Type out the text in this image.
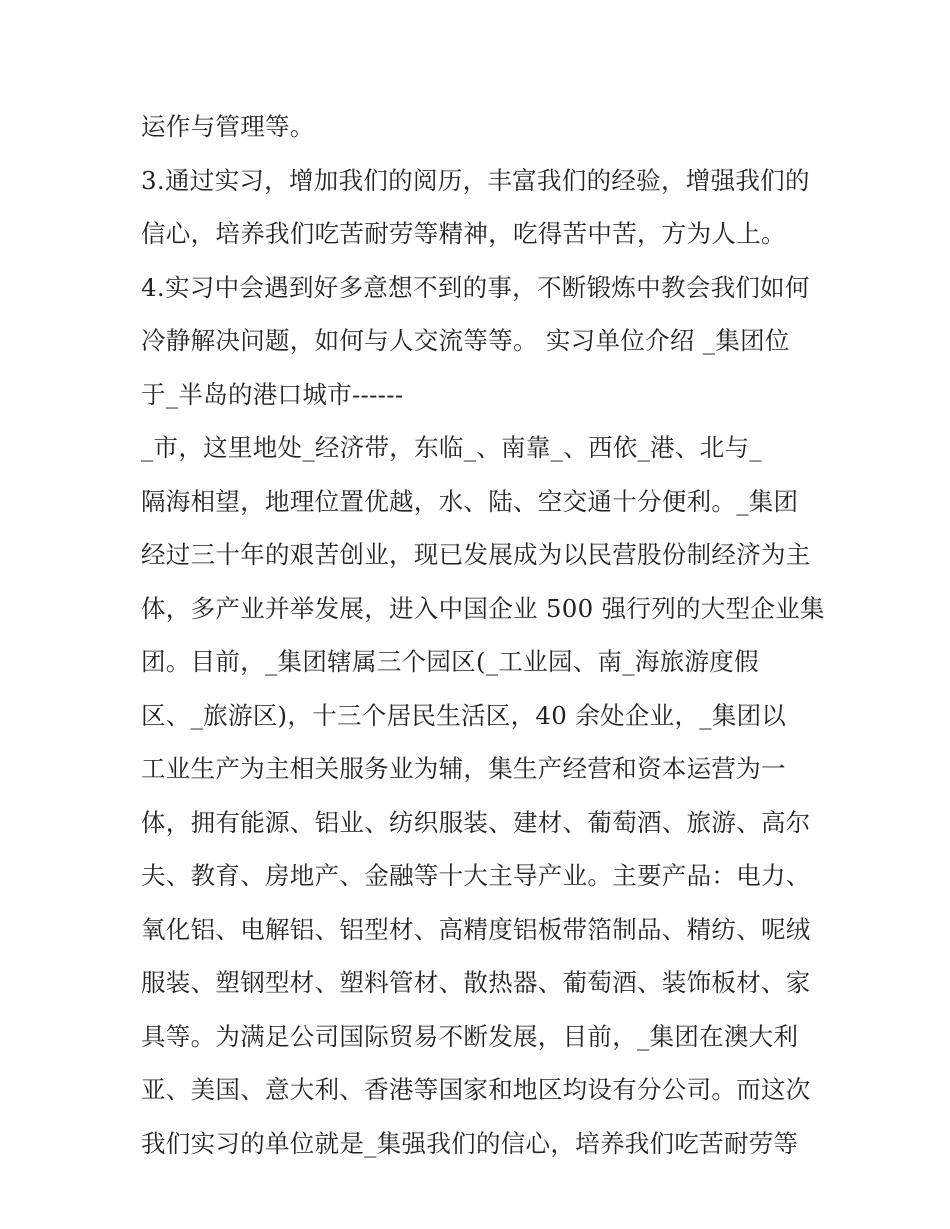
运作与管理等。
3.通过实习，增加我们的阅历，丰富我们的经验，增强我们的
信心，培养我们吃苦耐劳等精神，吃得苦中苦，方为人上。
4.实习中会遇到好多意想不到的事，不断锻炼中教会我们如何
冷静解决问题，如何与人交流等等。 实习单位介绍 _集团位
于_半岛的港口城市------
_市，这里地处_经济带，东临_、南靠_、西依_港、北与_
隔海相望，地理位置优越，水、陆、空交通十分便利。_集团
经过三十年的艰苦创业，现已发展成为以民营股份制经济为主
体，多产业并举发展，进入中国企业 500 强行列的大型企业集
团。目前，_集团辖属三个园区(_工业园、南_海旅游度假
区、_旅游区)，十三个居民生活区，40 余处企业，_集团以
工业生产为主相关服务业为辅，集生产经营和资本运营为一
体，拥有能源、铝业、纺织服装、建材、葡萄酒、旅游、高尔
夫、教育、房地产、金融等十大主导产业。主要产品：电力、
氧化铝、电解铝、铝型材、高精度铝板带箔制品、精纺、呢绒
服装、塑钢型材、塑料管材、散热器、葡萄酒、装饰板材、家
具等。为满足公司国际贸易不断发展，目前，_集团在澳大利
亚、美国、意大利、香港等国家和地区均设有分公司。而这次
我们实习的单位就是_集强我们的信心，培养我们吃苦耐劳等
